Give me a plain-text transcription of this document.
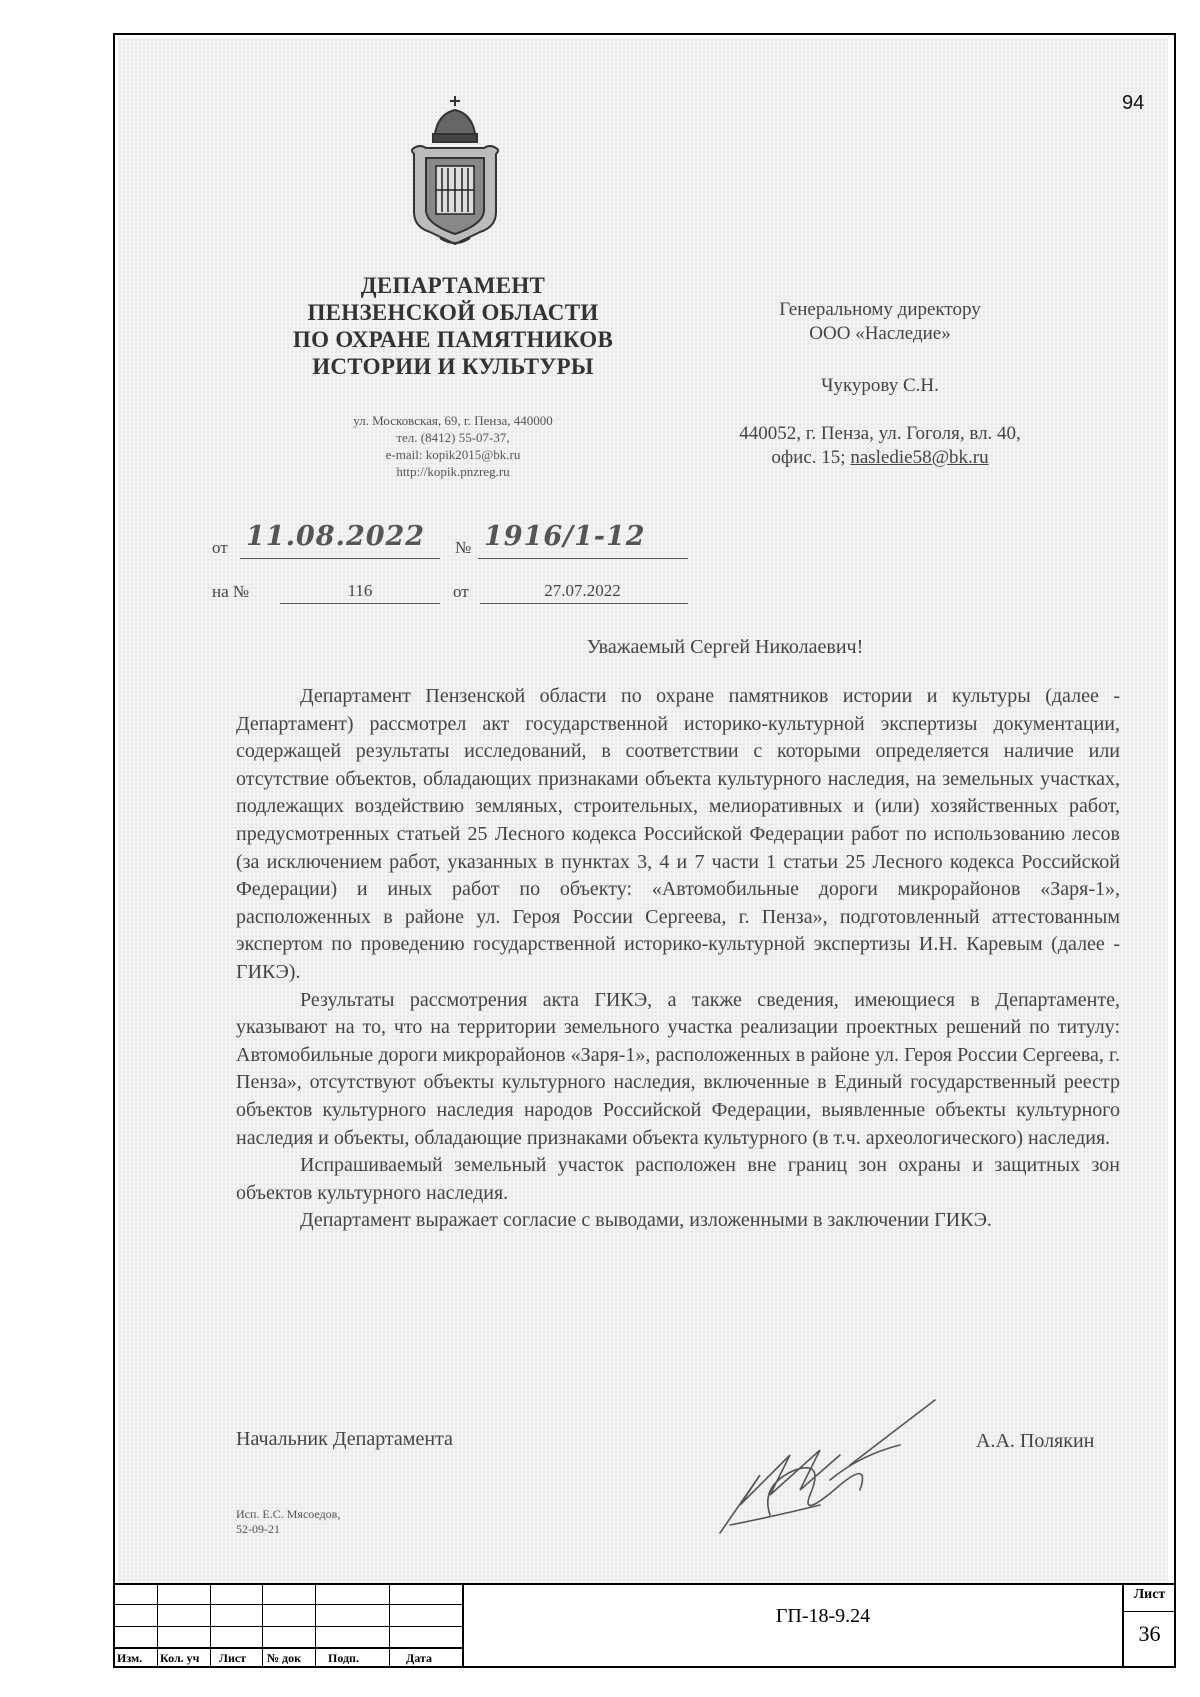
94
ДЕПАРТАМЕНТ
ПЕНЗЕНСКОЙ ОБЛАСТИ
ПО ОХРАНЕ ПАМЯТНИКОВ
ИСТОРИИ И КУЛЬТУРЫ
ул. Московская, 69, г. Пенза, 440000
тел. (8412) 55-07-37,
e-mail: kopik2015@bk.ru
http://kopik.pnzreg.ru
Генеральному директору
ООО «Наследие»
Чукурову С.Н.
440052, г. Пенза, ул. Гоголя, вл. 40,
офис. 15; nasledie58@bk.ru
от 11.08.2022 № 1916/1-12
на №	116	от	27.07.2022
Уважаемый Сергей Николаевич!

Департамент Пензенской области по охране памятников истории и культуры (далее - Департамент) рассмотрел акт государственной историко-культурной экспертизы документации, содержащей результаты исследований, в соответствии с которыми определяется наличие или отсутствие объектов, обладающих признаками объекта культурного наследия, на земельных участках, подлежащих воздействию земляных, строительных, мелиоративных и (или) хозяйственных работ, предусмотренных статьей 25 Лесного кодекса Российской Федерации работ по использованию лесов (за исключением работ, указанных в пунктах 3, 4 и 7 части 1 статьи 25 Лесного кодекса Российской Федерации) и иных работ по объекту: «Автомобильные дороги микрорайонов «Заря-1», расположенных в районе ул. Героя России Сергеева, г. Пенза», подготовленный аттестованным экспертом по проведению государственной историко-культурной экспертизы И.Н. Каревым (далее - ГИКЭ).

Результаты рассмотрения акта ГИКЭ, а также сведения, имеющиеся в Департаменте, указывают на то, что на территории земельного участка реализации проектных решений по титулу: Автомобильные дороги микрорайонов «Заря-1», расположенных в районе ул. Героя России Сергеева, г. Пенза», отсутствуют объекты культурного наследия, включенные в Единый государственный реестр объектов культурного наследия народов Российской Федерации, выявленные объекты культурного наследия и объекты, обладающие признаками объекта культурного (в т.ч. археологического) наследия.

Испрашиваемый земельный участок расположен вне границ зон охраны и защитных зон объектов культурного наследия.

Департамент выражает согласие с выводами, изложенными в заключении ГИКЭ.

Начальник Департамента	А.А. Полякин
Исп. Е.С. Мясоедов,
52-09-21
Изм. Кол. уч Лист № док Подп.	Дата
ГП-18-9.24
Лист
36
